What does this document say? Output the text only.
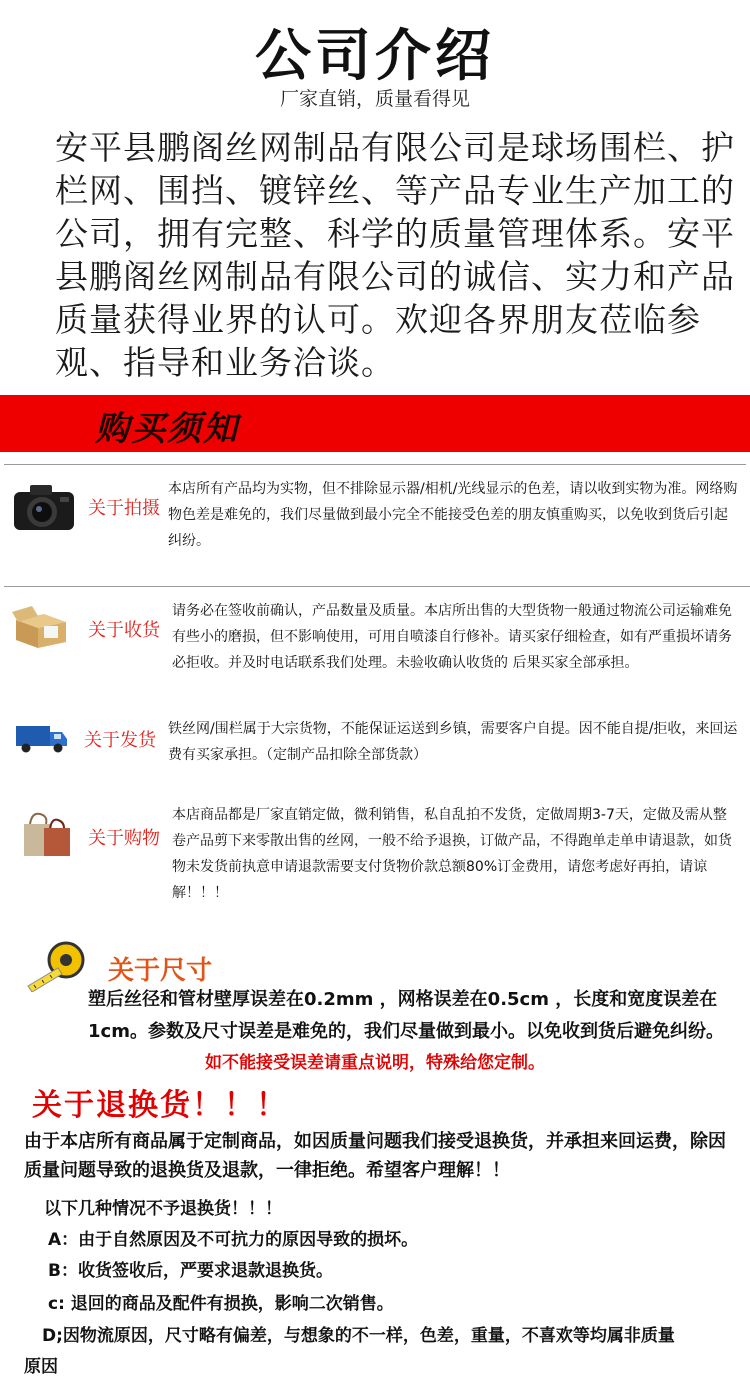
公司介绍
厂家直销，质量看得见
安平县鹏阁丝网制品有限公司是球场围栏、护栏网、围挡、镀锌丝、等产品专业生产加工的公司，拥有完整、科学的质量管理体系。安平县鹏阁丝网制品有限公司的诚信、实力和产品质量获得业界的认可。欢迎各界朋友莅临参观、指导和业务洽谈。
购买须知
关于拍摄
本店所有产品均为实物，但不排除显示器/相机/光线显示的色差，请以收到实物为准。网络购物色差是难免的，我们尽量做到最小完全不能接受色差的朋友慎重购买，以免收到货后引起纠纷。
关于收货
请务必在签收前确认，产品数量及质量。本店所出售的大型货物一般通过物流公司运输难免有些小的磨损，但不影响使用，可用自喷漆自行修补。请买家仔细检查，如有严重损坏请务必拒收。并及时电话联系我们处理。未验收确认收货的 后果买家全部承担。
关于发货
铁丝网/围栏属于大宗货物，不能保证运送到乡镇，需要客户自提。因不能自提/拒收，来回运费有买家承担。（定制产品扣除全部货款）
关于购物
本店商品都是厂家直销定做，微利销售，私自乱拍不发货，定做周期3-7天，定做及需从整卷产品剪下来零散出售的丝网，一般不给予退换，订做产品，不得跑单走单申请退款，如货物未发货前执意申请退款需要支付货物价款总额80%订金费用，请您考虑好再拍，请谅解！！！
关于尺寸
塑后丝径和管材壁厚误差在0.2mm ，网格误差在0.5cm ，长度和宽度误差在1cm。参数及尺寸误差是难免的，我们尽量做到最小。以免收到货后避免纠纷。
如不能接受误差请重点说明，特殊给您定制。
关于退换货！！！
由于本店所有商品属于定制商品，如因质量问题我们接受退换货，并承担来回运费，除因质量问题导致的退换货及退款，一律拒绝。希望客户理解！！
以下几种情况不予退换货！！！
A：由于自然原因及不可抗力的原因导致的损坏。
B：收货签收后，严要求退款退换货。
c: 退回的商品及配件有损换，影响二次销售。
D;因物流原因，尺寸略有偏差，与想象的不一样，色差，重量，不喜欢等均属非质量
原因
